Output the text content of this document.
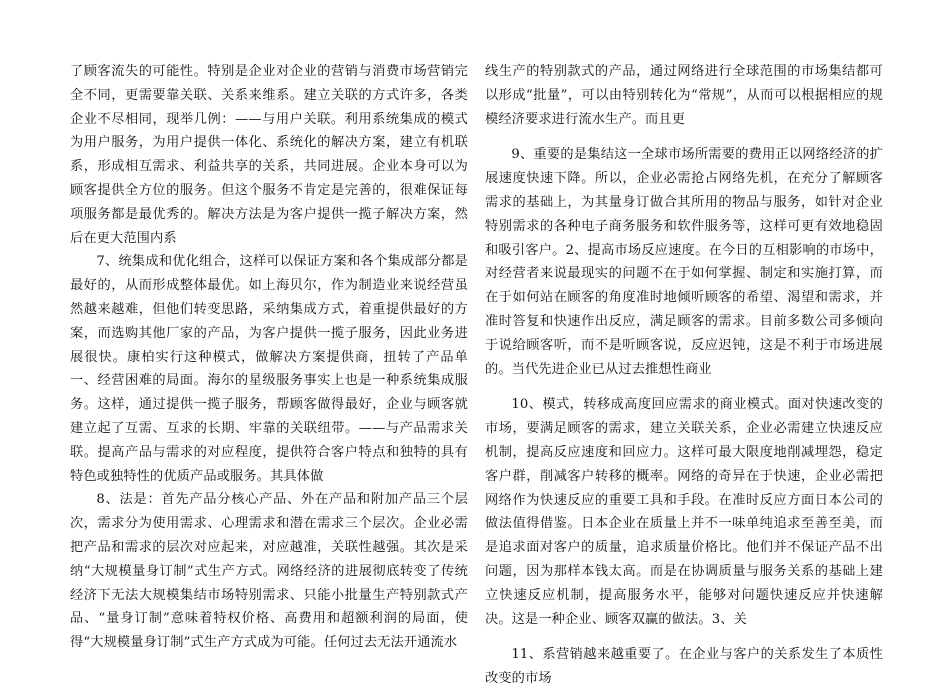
了顾客流失的可能性。特别是企业对企业的营销与消费市场营销完全不同，更需要靠关联、关系来维系。建立关联的方式许多，各类企业不尽相同，现举几例：——与用户关联。利用系统集成的模式为用户服务，为用户提供一体化、系统化的解决方案，建立有机联系，形成相互需求、利益共享的关系，共同进展。企业本身可以为顾客提供全方位的服务。但这个服务不肯定是完善的，很难保证每项服务都是最优秀的。解决方法是为客户提供一揽子解决方案，然后在更大范围内系

7、统集成和优化组合，这样可以保证方案和各个集成部分都是最好的，从而形成整体最优。如上海贝尔，作为制造业来说经营虽然越来越难，但他们转变思路，采纳集成方式，着重提供最好的方案，而选购其他厂家的产品，为客户提供一揽子服务，因此业务进展很快。康柏实行这种模式，做解决方案提供商，扭转了产品单一、经营困难的局面。海尔的星级服务事实上也是一种系统集成服务。这样，通过提供一揽子服务，帮顾客做得最好，企业与顾客就建立起了互需、互求的长期、牢靠的关联纽带。——与产品需求关联。提高产品与需求的对应程度，提供符合客户特点和独特的具有特色或独特性的优质产品或服务。其具体做

8、法是：首先产品分核心产品、外在产品和附加产品三个层次，需求分为使用需求、心理需求和潜在需求三个层次。企业必需把产品和需求的层次对应起来，对应越准，关联性越强。其次是采纳“大规模量身订制”式生产方式。网络经济的进展彻底转变了传统经济下无法大规模集结市场特别需求、只能小批量生产特别款式产品、“量身订制”意味着特权价格、高费用和超额利润的局面，使得“大规模量身订制”式生产方式成为可能。任何过去无法开通流水

线生产的特别款式的产品，通过网络进行全球范围的市场集结都可以形成“批量”，可以由特别转化为“常规”，从而可以根据相应的规模经济要求进行流水生产。而且更

9、重要的是集结这一全球市场所需要的费用正以网络经济的扩展速度快速下降。所以，企业必需抢占网络先机，在充分了解顾客需求的基础上，为其量身订做合其所用的物品与服务，如针对企业特别需求的各种电子商务服务和软件服务等，这样可更有效地稳固和吸引客户。2、提高市场反应速度。在今日的互相影响的市场中，对经营者来说最现实的问题不在于如何掌握、制定和实施打算，而在于如何站在顾客的角度准时地倾听顾客的希望、渴望和需求，并准时答复和快速作出反应，满足顾客的需求。目前多数公司多倾向于说给顾客听，而不是听顾客说，反应迟钝，这是不利于市场进展的。当代先进企业已从过去推想性商业

10、模式，转移成高度回应需求的商业模式。面对快速改变的市场，要满足顾客的需求，建立关联关系，企业必需建立快速反应机制，提高反应速度和回应力。这样可最大限度地削减埋怨，稳定客户群，削减客户转移的概率。网络的奇异在于快速，企业必需把网络作为快速反应的重要工具和手段。在准时反应方面日本公司的做法值得借鉴。日本企业在质量上并不一味单纯追求至善至美，而是追求面对客户的质量，追求质量价格比。他们并不保证产品不出问题，因为那样本钱太高。而是在协调质量与服务关系的基础上建立快速反应机制，提高服务水平，能够对问题快速反应并快速解决。这是一种企业、顾客双赢的做法。3、关

11、系营销越来越重要了。在企业与客户的关系发生了本质性改变的市场
